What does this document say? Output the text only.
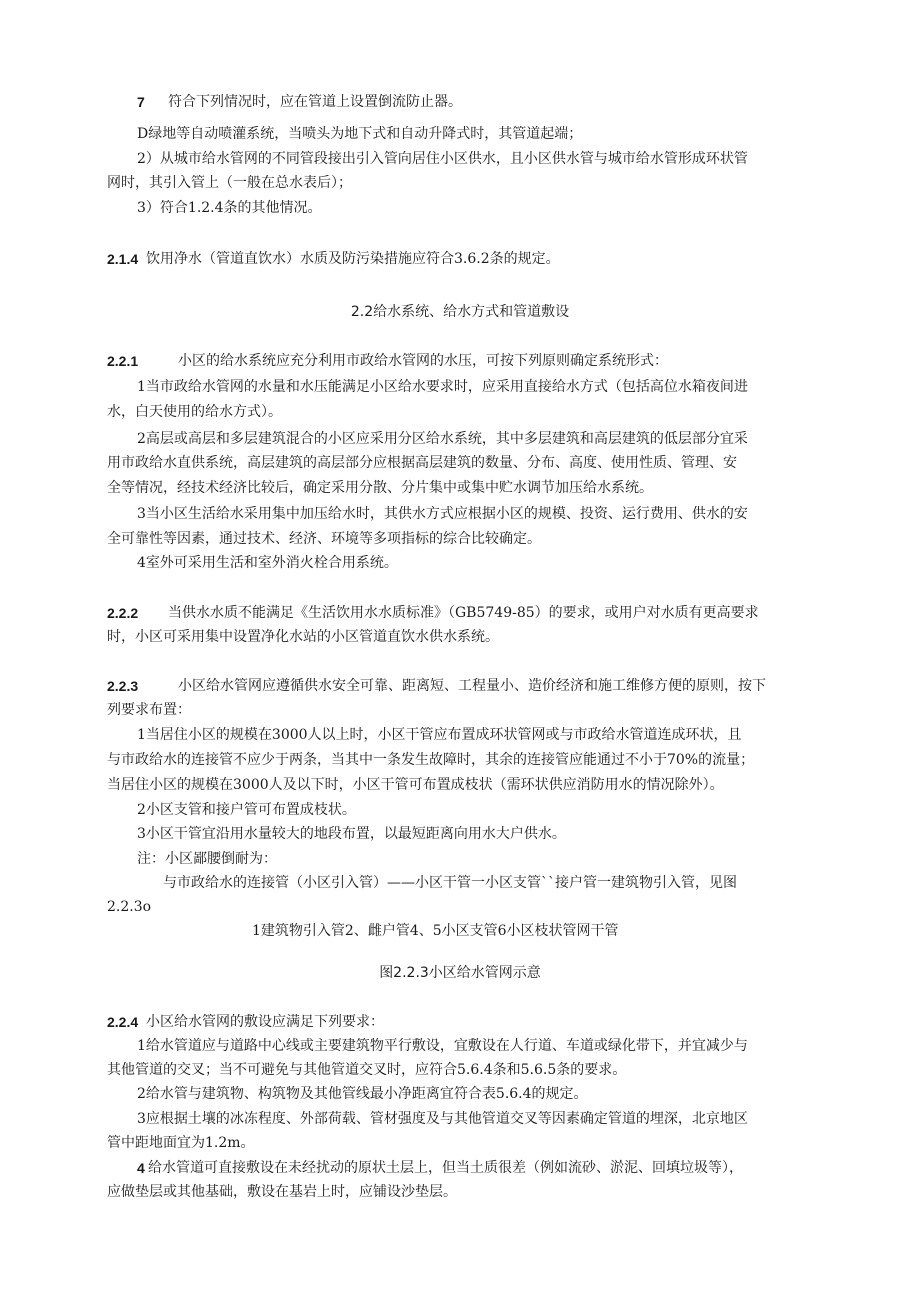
7 符合下列情况时，应在管道上设置倒流防止器。
D绿地等自动喷灌系统，当喷头为地下式和自动升降式时，其管道起端；
2）从城市给水管网的不同管段接出引入管向居住小区供水，且小区供水管与城市给水管形成环状管
网时，其引入管上（一般在总水表后）；
3）符合1.2.4条的其他情况。
2.1.4 饮用净水（管道直饮水）水质及防污染措施应符合3.6.2条的规定。
2.2给水系统、给水方式和管道敷设
2.2.1	小区的给水系统应充分利用市政给水管网的水压，可按下列原则确定系统形式：
1当市政给水管网的水量和水压能满足小区给水要求时，应采用直接给水方式（包括高位水箱夜间进
水，白天使用的给水方式）。
2高层或高层和多层建筑混合的小区应采用分区给水系统，其中多层建筑和高层建筑的低层部分宜采
用市政给水直供系统，高层建筑的高层部分应根据高层建筑的数量、分布、高度、使用性质、管理、安
全等情况，经技术经济比较后，确定采用分散、分片集中或集中贮水调节加压给水系统。
3当小区生活给水采用集中加压给水时，其供水方式应根据小区的规模、投资、运行费用、供水的安
全可靠性等因素，通过技术、经济、环境等多项指标的综合比较确定。
4室外可采用生活和室外消火栓合用系统。
2.2.2 当供水水质不能满足《生活饮用水水质标准》（GB5749-85）的要求，或用户对水质有更高要求
时，小区可采用集中设置净化水站的小区管道直饮水供水系统。
2.2.3	小区给水管网应遵循供水安全可靠、距离短、工程量小、造价经济和施工维修方便的原则，按下
列要求布置：
1当居住小区的规模在3000人以上时，小区干管应布置成环状管网或与市政给水管道连成环状，且
与市政给水的连接管不应少于两条，当其中一条发生故障时，其余的连接管应能通过不小于70%的流量；
当居住小区的规模在3000人及以下时，小区干管可布置成枝状（需环状供应消防用水的情况除外）。
2小区支管和接户管可布置成枝状。
3小区干管宜沿用水量较大的地段布置，以最短距离向用水大户供水。
注：小区鄙腰倒耐为：
与市政给水的连接管（小区引入管）——小区干管一小区支管``接户管一建筑物引入管，见图
2.2.3o
1建筑物引入管2、雌户管4、5小区支管6小区枝状管网干管
图2.2.3小区给水管网示意
2.2.4 小区给水管网的敷设应满足下列要求：
1给水管道应与道路中心线或主要建筑物平行敷设，宜敷设在人行道、车道或绿化带下，并宜减少与
其他管道的交叉；当不可避免与其他管道交叉时，应符合5.6.4条和5.6.5条的要求。
2给水管与建筑物、构筑物及其他管线最小净距离宜符合表5.6.4的规定。
3应根据土壤的冰冻程度、外部荷载、管材强度及与其他管道交叉等因素确定管道的埋深，北京地区
管中距地面宜为1.2m。
4 给水管道可直接敷设在未经扰动的原状土层上，但当土质很差（例如流砂、淤泥、回填垃圾等），
应做垫层或其他基础，敷设在基岩上时，应铺设沙垫层。
